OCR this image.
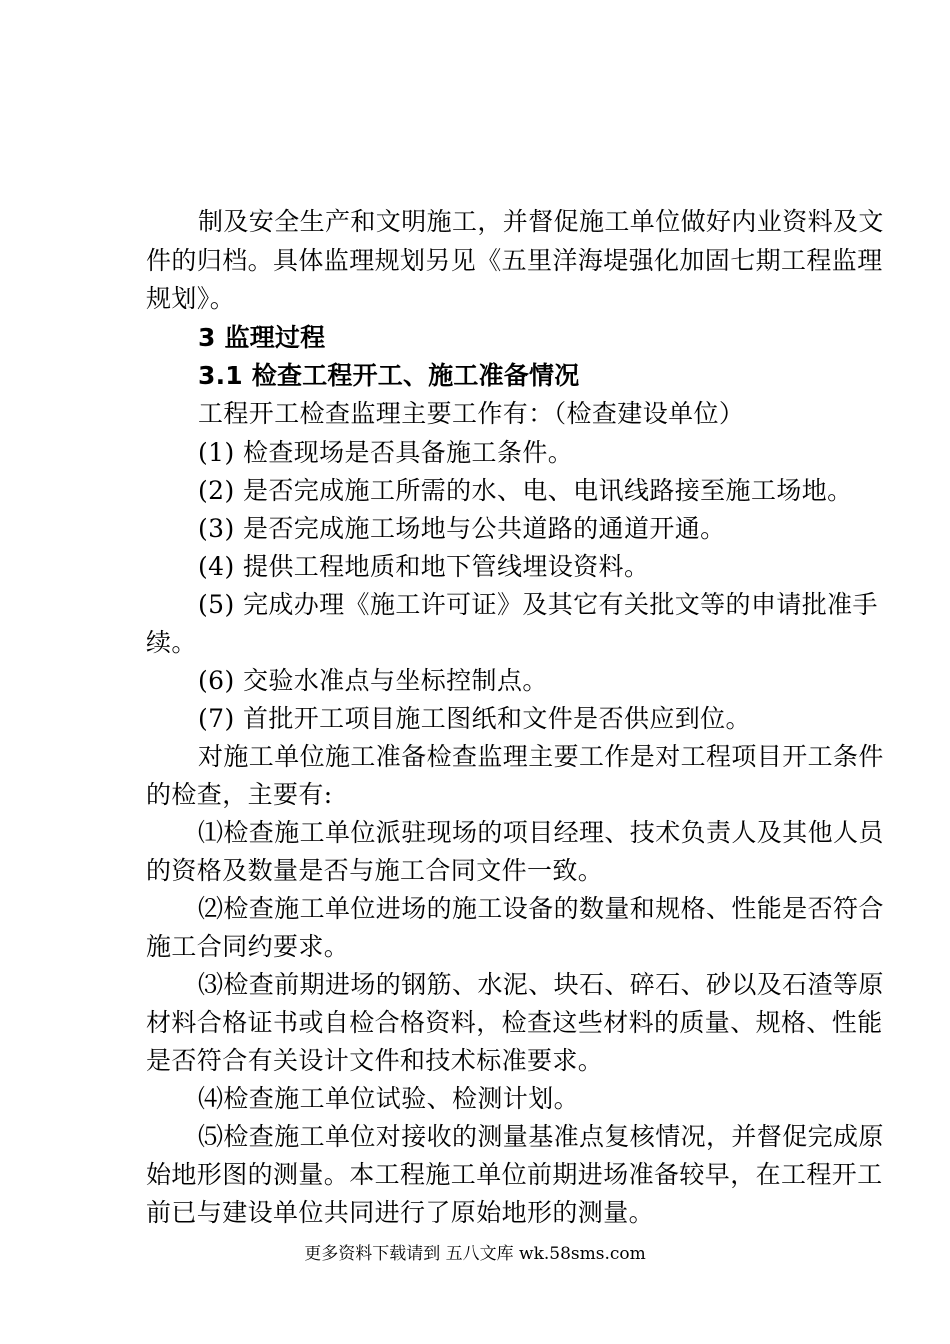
制及安全生产和文明施工，并督促施工单位做好内业资料及文
件的归档。具体监理规划另见《五里洋海堤强化加固七期工程监理
规划》。
3 监理过程
3.1 检查工程开工、施工准备情况
工程开工检查监理主要工作有：（检查建设单位）
(1) 检查现场是否具备施工条件。
(2) 是否完成施工所需的水、电、电讯线路接至施工场地。
(3) 是否完成施工场地与公共道路的通道开通。
(4) 提供工程地质和地下管线埋设资料。
(5) 完成办理《施工许可证》及其它有关批文等的申请批准手
续。
(6) 交验水准点与坐标控制点。
(7) 首批开工项目施工图纸和文件是否供应到位。
对施工单位施工准备检查监理主要工作是对工程项目开工条件
的检查，主要有:
⑴检查施工单位派驻现场的项目经理、技术负责人及其他人员
的资格及数量是否与施工合同文件一致。
⑵检查施工单位进场的施工设备的数量和规格、性能是否符合
施工合同约要求。
⑶检查前期进场的钢筋、水泥、块石、碎石、砂以及石渣等原
材料合格证书或自检合格资料，检查这些材料的质量、规格、性能
是否符合有关设计文件和技术标准要求。
⑷检查施工单位试验、检测计划。
⑸检查施工单位对接收的测量基准点复核情况，并督促完成原
始地形图的测量。本工程施工单位前期进场准备较早，在工程开工
前已与建设单位共同进行了原始地形的测量。
更多资料下载请到 五八文库 wk.58sms.com
